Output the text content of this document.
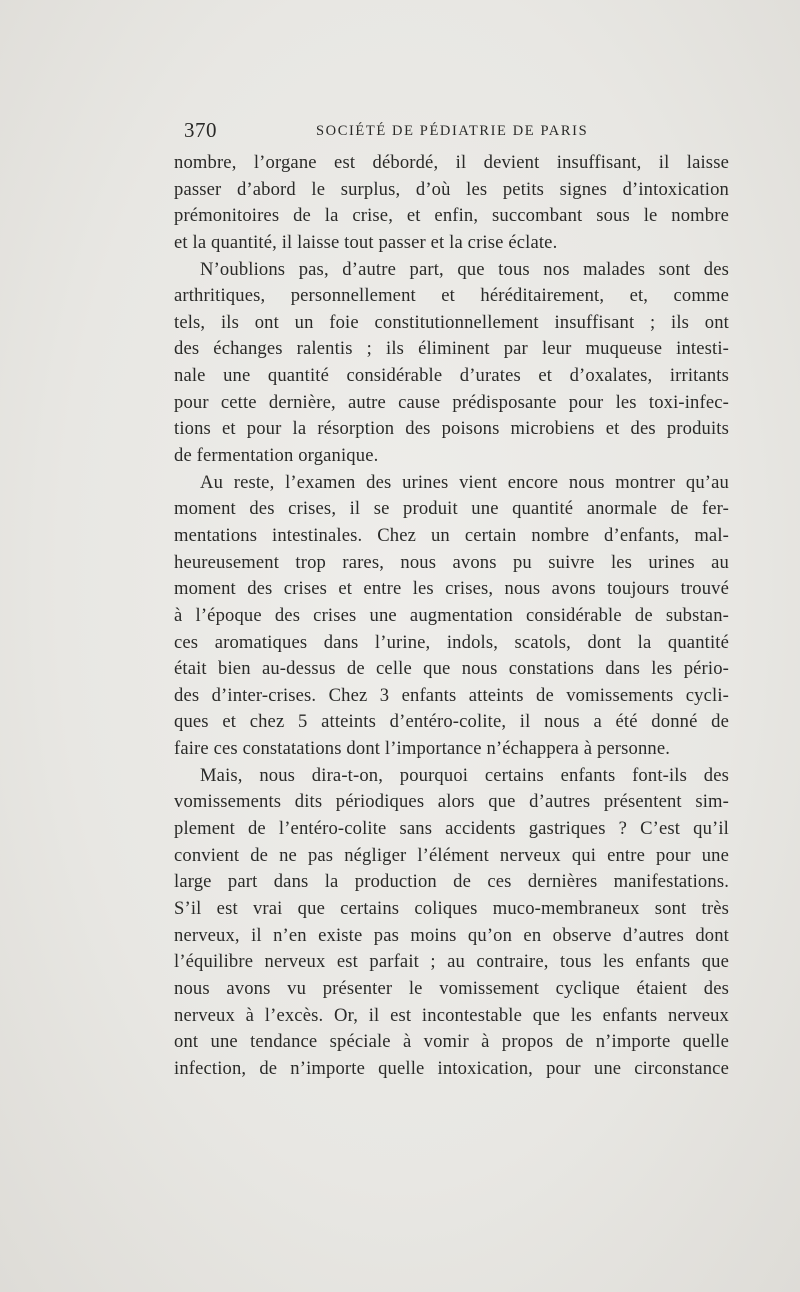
370	SOCIÉTÉ DE PÉDIATRIE DE PARIS
nombre, l’organe est débordé, il devient insuffisant, il laisse
passer d’abord le surplus, d’où les petits signes d’intoxication
prémonitoires de la crise, et enfin, succombant sous le nombre
et la quantité, il laisse tout passer et la crise éclate.
N’oublions pas, d’autre part, que tous nos malades sont des
arthritiques, personnellement et héréditairement, et, comme
tels, ils ont un foie constitutionnellement insuffisant ; ils ont
des échanges ralentis ; ils éliminent par leur muqueuse intesti-
nale une quantité considérable d’urates et d’oxalates, irritants
pour cette dernière, autre cause prédisposante pour les toxi-infec-
tions et pour la résorption des poisons microbiens et des produits
de fermentation organique.
Au reste, l’examen des urines vient encore nous montrer qu’au
moment des crises, il se produit une quantité anormale de fer-
mentations intestinales. Chez un certain nombre d’enfants, mal-
heureusement trop rares, nous avons pu suivre les urines au
moment des crises et entre les crises, nous avons toujours trouvé
à l’époque des crises une augmentation considérable de substan-
ces aromatiques dans l’urine, indols, scatols, dont la quantité
était bien au-dessus de celle que nous constations dans les pério-
des d’inter-crises. Chez 3 enfants atteints de vomissements cycli-
ques et chez 5 atteints d’entéro-colite, il nous a été donné de
faire ces constatations dont l’importance n’échappera à personne.
Mais, nous dira-t-on, pourquoi certains enfants font-ils des
vomissements dits périodiques alors que d’autres présentent sim-
plement de l’entéro-colite sans accidents gastriques ? C’est qu’il
convient de ne pas négliger l’élément nerveux qui entre pour une
large part dans la production de ces dernières manifestations.
S’il est vrai que certains coliques muco-membraneux sont très
nerveux, il n’en existe pas moins qu’on en observe d’autres dont
l’équilibre nerveux est parfait ; au contraire, tous les enfants que
nous avons vu présenter le vomissement cyclique étaient des
nerveux à l’excès. Or, il est incontestable que les enfants nerveux
ont une tendance spéciale à vomir à propos de n’importe quelle
infection, de n’importe quelle intoxication, pour une circonstance
